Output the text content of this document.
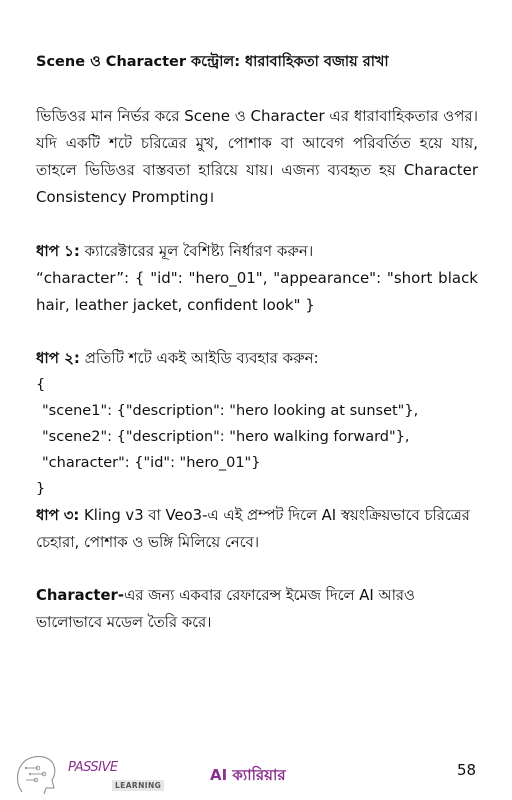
Scene ও Character কন্ট্রোল: ধারাবাহিকতা বজায় রাখা

ভিডিওর মান নির্ভর করে Scene ও Character এর ধারাবাহিকতার ওপর। যদি একটি শটে চরিত্রের মুখ, পোশাক বা আবেগ পরিবর্তিত হয়ে যায়, তাহলে ভিডিওর বাস্তবতা হারিয়ে যায়। এজন্য ব্যবহৃত হয় Character Consistency Prompting।

ধাপ ১: ক্যারেক্টারের মূল বৈশিষ্ট্য নির্ধারণ করুন।

“character”: { "id": "hero_01", "appearance": "short black hair, leather jacket, confident look" }

ধাপ ২: প্রতিটি শটে একই আইডি ব্যবহার করুন:

{

"scene1": {"description": "hero looking at sunset"},

"scene2": {"description": "hero walking forward"},

"character": {"id": "hero_01"}

}

ধাপ ৩: Kling v3 বা Veo3-এ এই প্রম্পট দিলে AI স্বয়ংক্রিয়ভাবে চরিত্রের চেহারা, পোশাক ও ভঙ্গি মিলিয়ে নেবে।

Character-এর জন্য একবার রেফারেন্স ইমেজ দিলে AI আরও ভালোভাবে মডেল তৈরি করে।

PASSIVE
LEARNING
AI ক্যারিয়ার	58
